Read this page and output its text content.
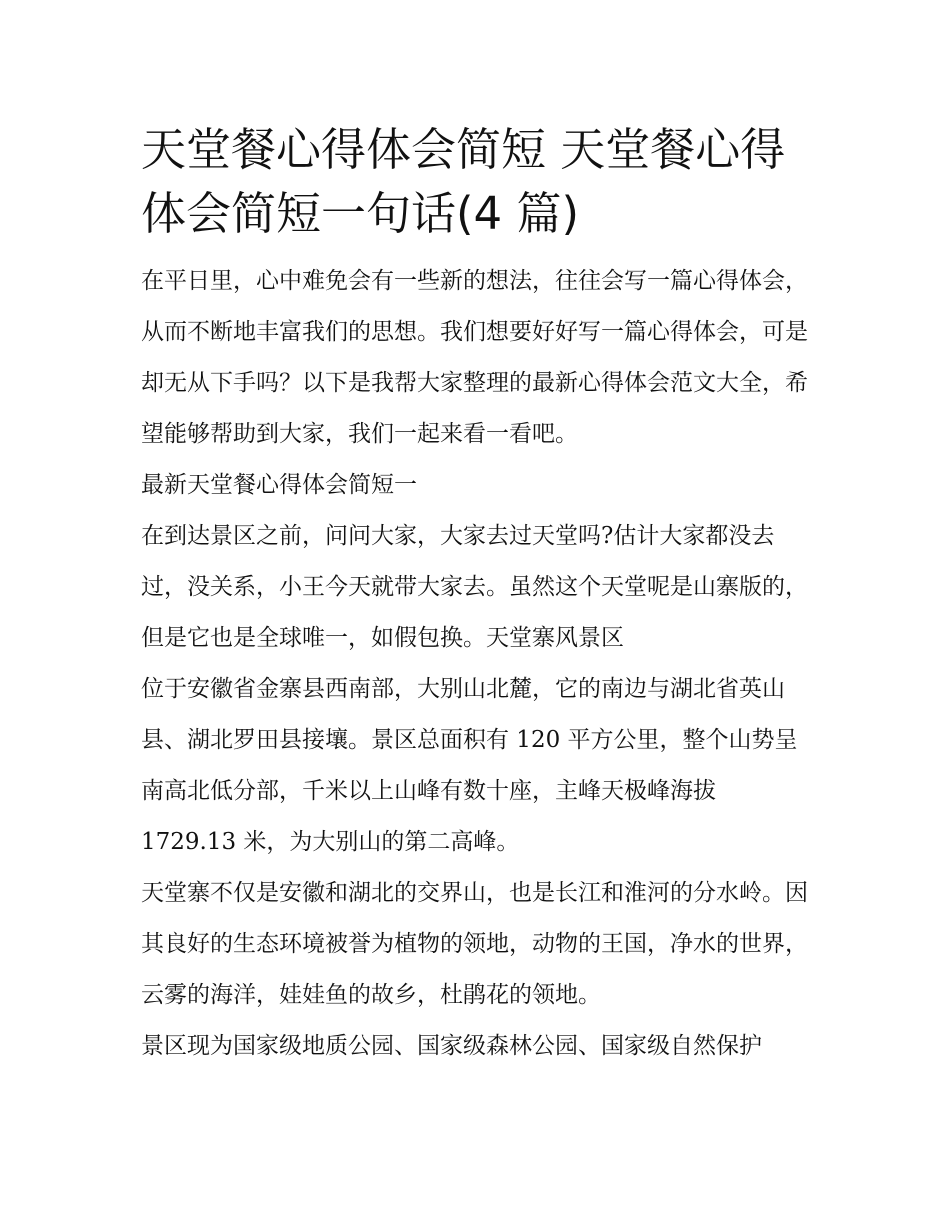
天堂餐心得体会简短 天堂餐心得体会简短一句话(4 篇)

在平日里，心中难免会有一些新的想法，往往会写一篇心得体会，从而不断地丰富我们的思想。我们想要好好写一篇心得体会，可是却无从下手吗？以下是我帮大家整理的最新心得体会范文大全，希望能够帮助到大家，我们一起来看一看吧。

最新天堂餐心得体会简短一

在到达景区之前，问问大家，大家去过天堂吗?估计大家都没去过，没关系，小王今天就带大家去。虽然这个天堂呢是山寨版的，但是它也是全球唯一，如假包换。天堂寨风景区

位于安徽省金寨县西南部，大别山北麓，它的南边与湖北省英山县、湖北罗田县接壤。景区总面积有 120 平方公里，整个山势呈南高北低分部，千米以上山峰有数十座，主峰天极峰海拔 1729.13 米，为大别山的第二高峰。

天堂寨不仅是安徽和湖北的交界山，也是长江和淮河的分水岭。因其良好的生态环境被誉为植物的领地，动物的王国，净水的世界，云雾的海洋，娃娃鱼的故乡，杜鹃花的领地。

景区现为国家级地质公园、国家级森林公园、国家级自然保护
